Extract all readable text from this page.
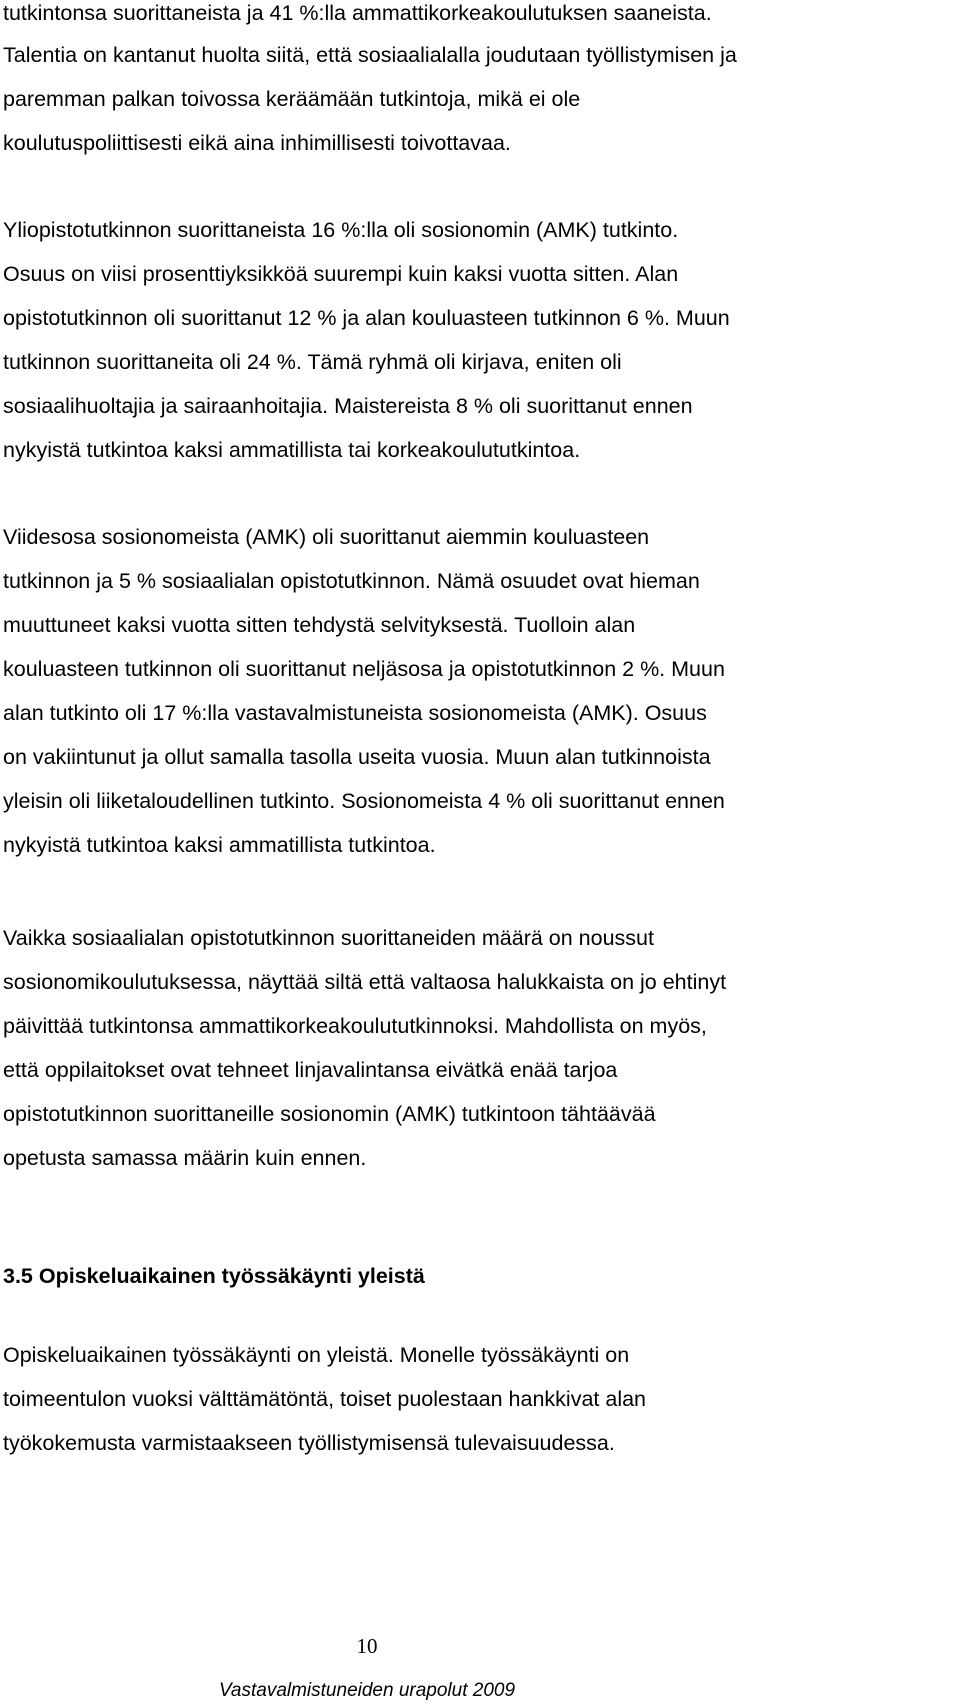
tutkintonsa suorittaneista ja 41 %:lla ammattikorkeakoulutuksen saaneista.

Talentia on kantanut huolta siitä, että sosiaalialalla joudutaan työllistymisen ja

paremman palkan toivossa keräämään tutkintoja, mikä ei ole

koulutuspoliittisesti eikä aina inhimillisesti toivottavaa.

Yliopistotutkinnon suorittaneista 16 %:lla oli sosionomin (AMK) tutkinto.

Osuus on viisi prosenttiyksikköä suurempi kuin kaksi vuotta sitten. Alan

opistotutkinnon oli suorittanut 12 % ja alan kouluasteen tutkinnon 6 %. Muun

tutkinnon suorittaneita oli 24 %. Tämä ryhmä oli kirjava, eniten oli

sosiaalihuoltajia ja sairaanhoitajia. Maistereista 8 % oli suorittanut ennen

nykyistä tutkintoa kaksi ammatillista tai korkeakoulututkintoa.

Viidesosa sosionomeista (AMK) oli suorittanut aiemmin kouluasteen

tutkinnon ja 5 % sosiaalialan opistotutkinnon. Nämä osuudet ovat hieman

muuttuneet kaksi vuotta sitten tehdystä selvityksestä. Tuolloin alan

kouluasteen tutkinnon oli suorittanut neljäsosa ja opistotutkinnon 2 %. Muun

alan tutkinto oli 17 %:lla vastavalmistuneista sosionomeista (AMK). Osuus

on vakiintunut ja ollut samalla tasolla useita vuosia. Muun alan tutkinnoista

yleisin oli liiketaloudellinen tutkinto. Sosionomeista 4 % oli suorittanut ennen

nykyistä tutkintoa kaksi ammatillista tutkintoa.

Vaikka sosiaalialan opistotutkinnon suorittaneiden määrä on noussut

sosionomikoulutuksessa, näyttää siltä että valtaosa halukkaista on jo ehtinyt

päivittää tutkintonsa ammattikorkeakoulututkinnoksi. Mahdollista on myös,

että oppilaitokset ovat tehneet linjavalintansa eivätkä enää tarjoa

opistotutkinnon suorittaneille sosionomin (AMK) tutkintoon tähtäävää

opetusta samassa määrin kuin ennen.

3.5 Opiskeluaikainen työssäkäynti yleistä

Opiskeluaikainen työssäkäynti on yleistä. Monelle työssäkäynti on

toimeentulon vuoksi välttämätöntä, toiset puolestaan hankkivat alan

työkokemusta varmistaakseen työllistymisensä tulevaisuudessa.

10
Vastavalmistuneiden urapolut 2009
